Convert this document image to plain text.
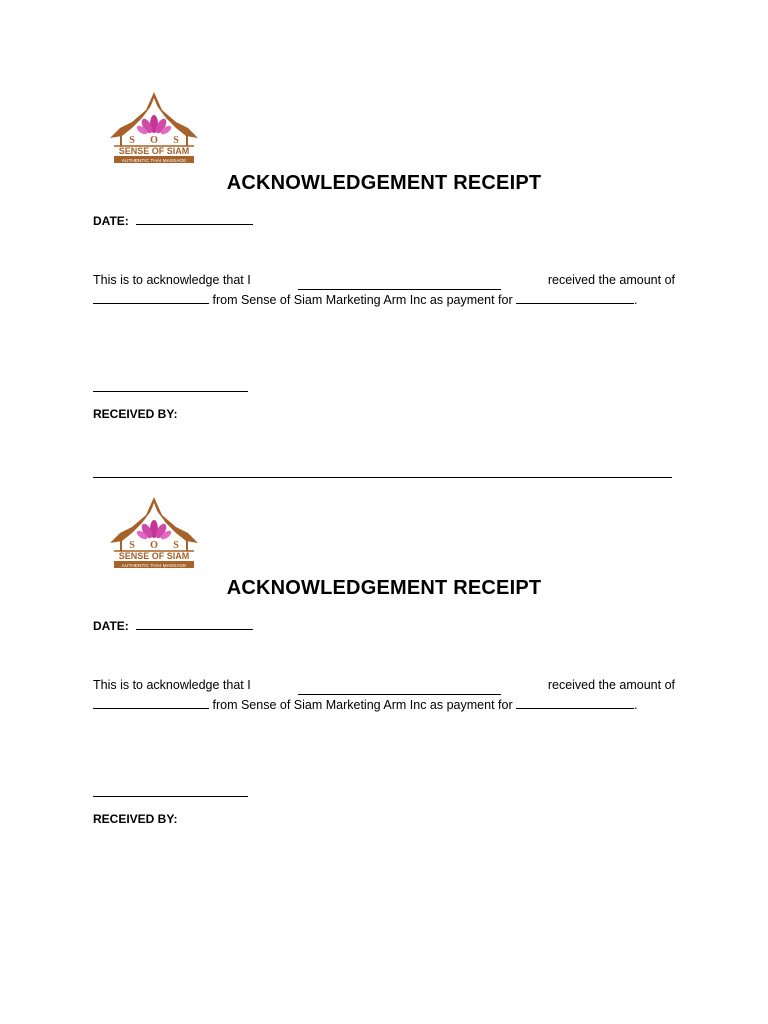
S O S
SENSE OF SIAM
AUTHENTIC THAI MASSAGE
ACKNOWLEDGEMENT RECEIPT
DATE:
This is to acknowledge that I	received the amount of
from Sense of Siam Marketing Arm Inc as payment for	.
RECEIVED BY:
S O S
SENSE OF SIAM
AUTHENTIC THAI MASSAGE
ACKNOWLEDGEMENT RECEIPT
DATE:
This is to acknowledge that I	received the amount of
from Sense of Siam Marketing Arm Inc as payment for	.
RECEIVED BY:
